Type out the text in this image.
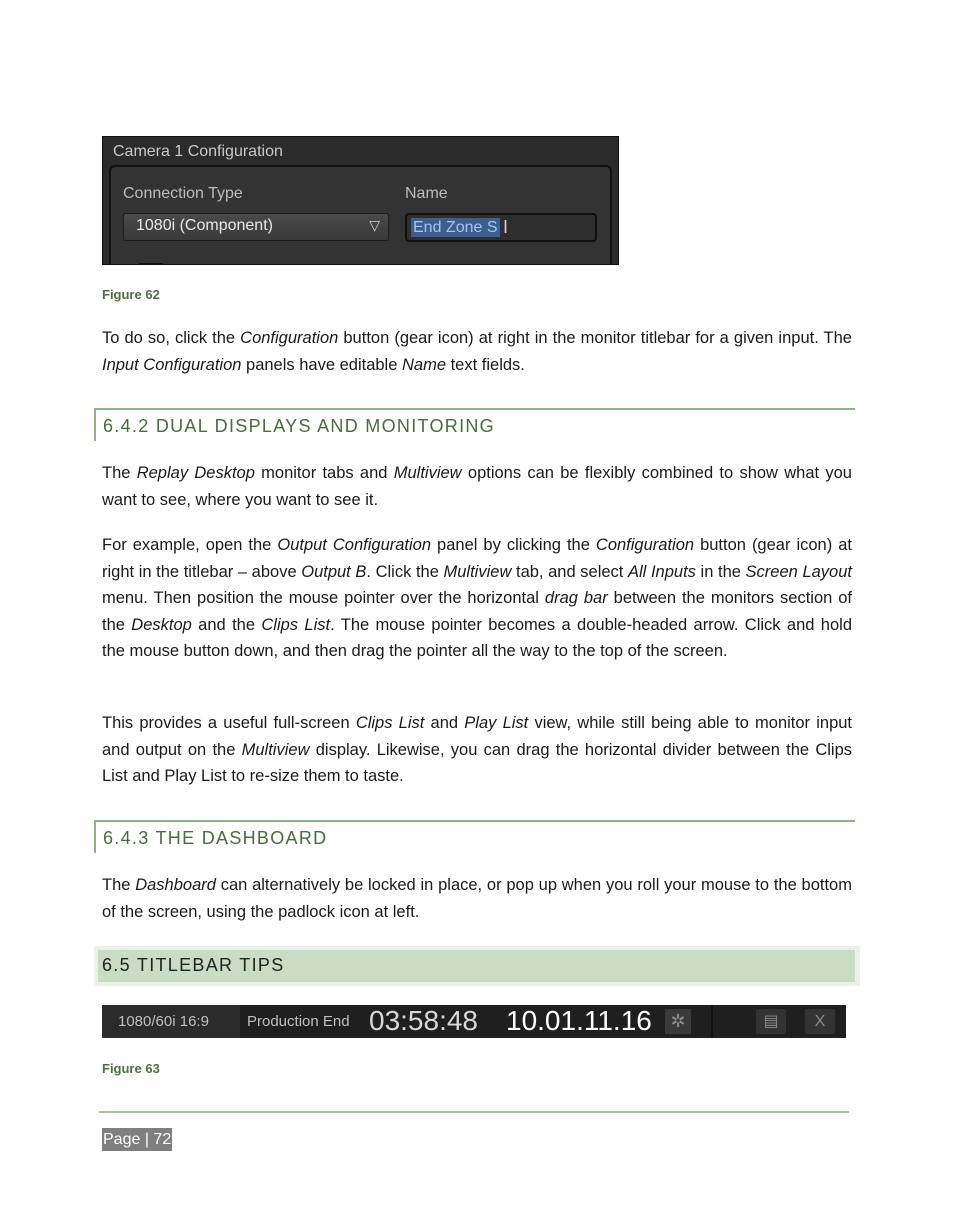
Camera 1 Configuration
Connection Type	Name
1080i (Component)	▽ End Zone S I
Figure 62

To do so, click the Configuration button (gear icon) at right in the monitor titlebar for a given input. The Input Configuration panels have editable Name text fields.

6.4.2 DUAL DISPLAYS AND MONITORING

The Replay Desktop monitor tabs and Multiview options can be flexibly combined to show what you want to see, where you want to see it.

For example, open the Output Configuration panel by clicking the Configuration button (gear icon) at right in the titlebar – above Output B. Click the Multiview tab, and select All Inputs in the Screen Layout menu. Then position the mouse pointer over the horizontal drag bar between the monitors section of the Desktop and the Clips List. The mouse pointer becomes a double-headed arrow. Click and hold the mouse button down, and then drag the pointer all the way to the top of the screen.

This provides a useful full-screen Clips List and Play List view, while still being able to monitor input and output on the Multiview display. Likewise, you can drag the horizontal divider between the Clips List and Play List to re-size them to taste.

6.4.3 THE DASHBOARD

The Dashboard can alternatively be locked in place, or pop up when you roll your mouse to the bottom of the screen, using the padlock icon at left.

6.5 TITLEBAR TIPS
1080/60i 16:9	Production End 03:58:48 10.01.11.16	✲	▤	X
Figure 63
Page | 72
